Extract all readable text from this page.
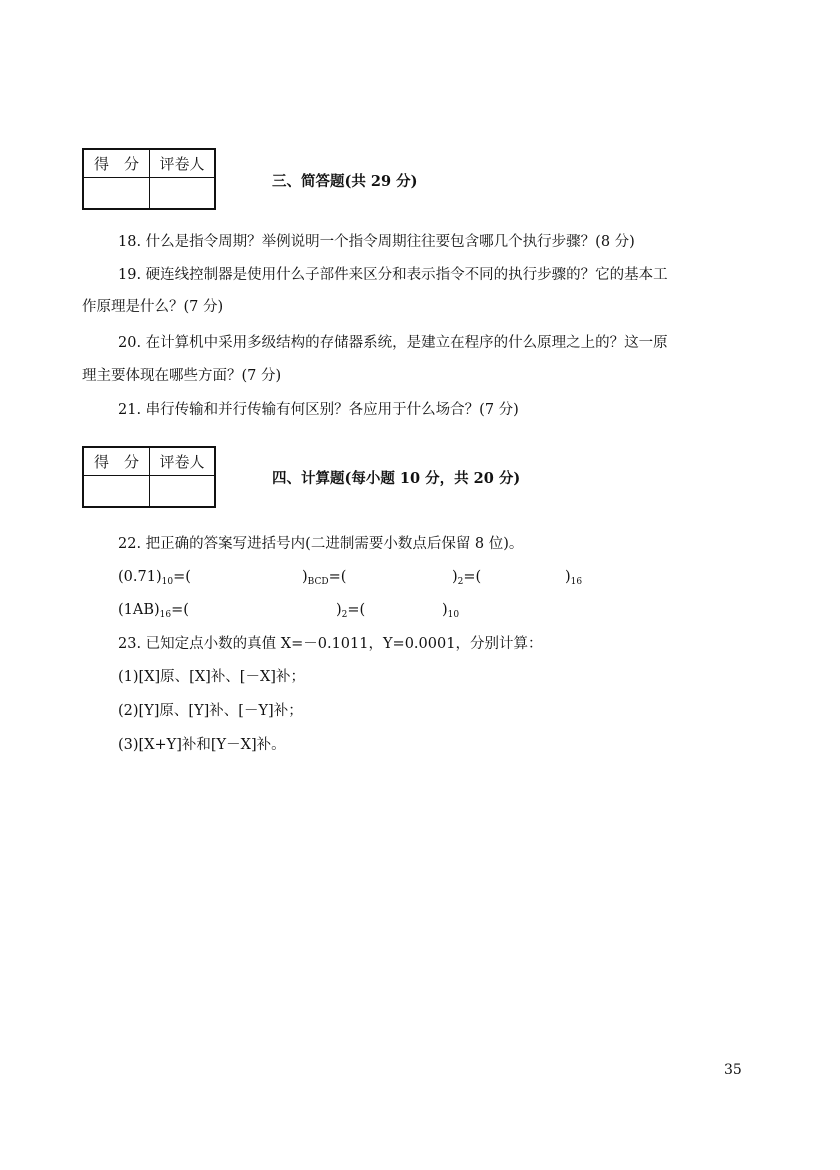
得　分	评卷人
三、简答题(共 29 分)
18. 什么是指令周期？举例说明一个指令周期往往要包含哪几个执行步骤？(8 分)
19. 硬连线控制器是使用什么子部件来区分和表示指令不同的执行步骤的？它的基本工
作原理是什么？(7 分)
20. 在计算机中采用多级结构的存储器系统，是建立在程序的什么原理之上的？这一原
理主要体现在哪些方面？(7 分)
21. 串行传输和并行传输有何区别？各应用于什么场合？(7 分)
得　分	评卷人
四、计算题(每小题 10 分，共 20 分)
22. 把正确的答案写进括号内(二进制需要小数点后保留 8 位)。
$(0.71)_{10}=$(	)$_{BCD}=$(	)$_2=$(	)$_{16}$
$(1AB)_{16}=$(	)$_2=$(	)$_{10}$
23. 已知定点小数的真值 X=－0.1011，Y=0.0001，分别计算：
(1)[X]原、[X]补、[－X]补；
(2)[Y]原、[Y]补、[－Y]补；
(3)[X+Y]补和[Y－X]补。
35
